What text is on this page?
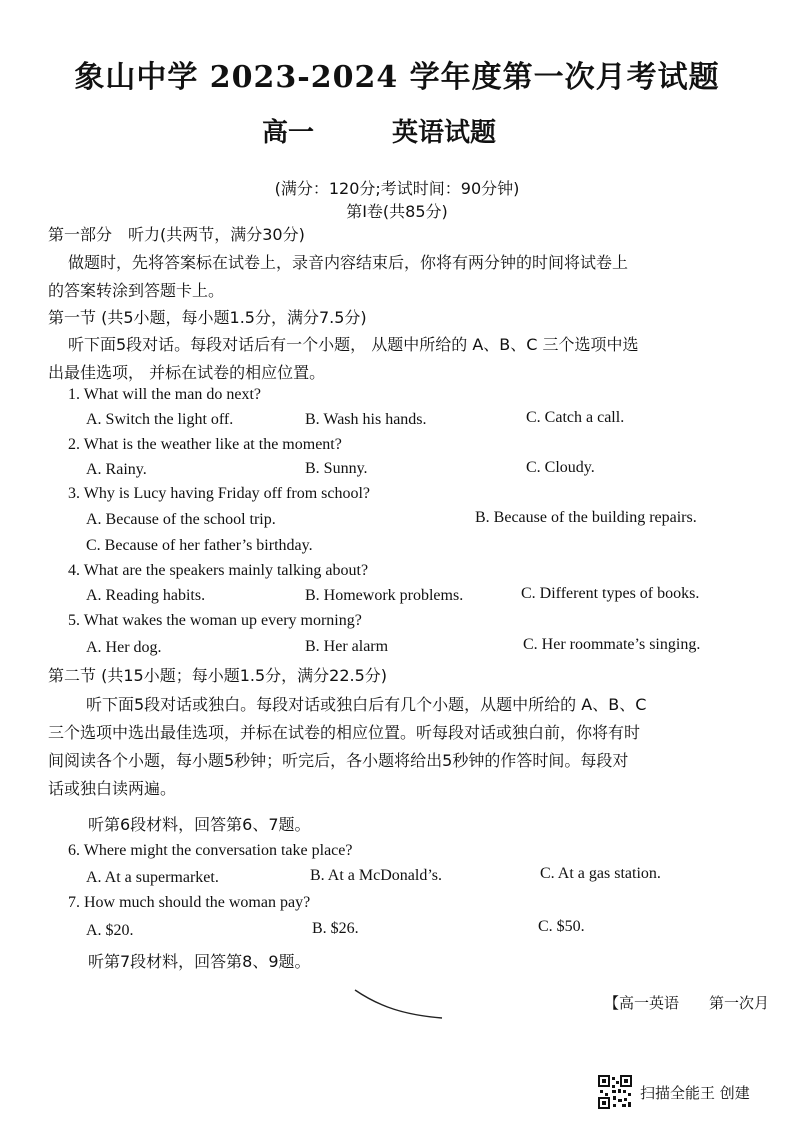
象山中学 2023-2024 学年度第一次月考试题
高一	英语试题
(满分：120分;考试时间：90分钟)
第Ⅰ卷(共85分)
第一部分　听力(共两节，满分30分)
做题时，先将答案标在试卷上，录音内容结束后，你将有两分钟的时间将试卷上
的答案转涂到答题卡上。
第一节 (共5小题，每小题1.5分，满分7.5分)
听下面5段对话。每段对话后有一个小题， 从题中所给的 A、B、C 三个选项中选
出最佳选项， 并标在试卷的相应位置。
1. What will the man do next?
A. Switch the light off.	B. Wash his hands.	C. Catch a call.
2. What is the weather like at the moment?
A. Rainy.	B. Sunny.	C. Cloudy.
3. Why is Lucy having Friday off from school?
A. Because of the school trip.	B. Because of the building repairs.
C. Because of her father’s birthday.
4. What are the speakers mainly talking about?
A. Reading habits.	B. Homework problems.	C. Different types of books.
5. What wakes the woman up every morning?
A. Her dog.	B. Her alarm	C. Her roommate’s singing.
第二节 (共15小题；每小题1.5分，满分22.5分)
听下面5段对话或独白。每段对话或独白后有几个小题，从题中所给的 A、B、C
三个选项中选出最佳选项，并标在试卷的相应位置。听每段对话或独白前，你将有时
间阅读各个小题，每小题5秒钟；听完后，各小题将给出5秒钟的作答时间。每段对
话或独白读两遍。
听第6段材料，回答第6、7题。
6. Where might the conversation take place?
A. At a supermarket.	B. At a McDonald’s.	C. At a gas station.
7. How much should the woman pay?
A. $20.	B. $26.	C. $50.
听第7段材料，回答第8、9题。
【高一英语　　第一次月
扫描全能王 创建
